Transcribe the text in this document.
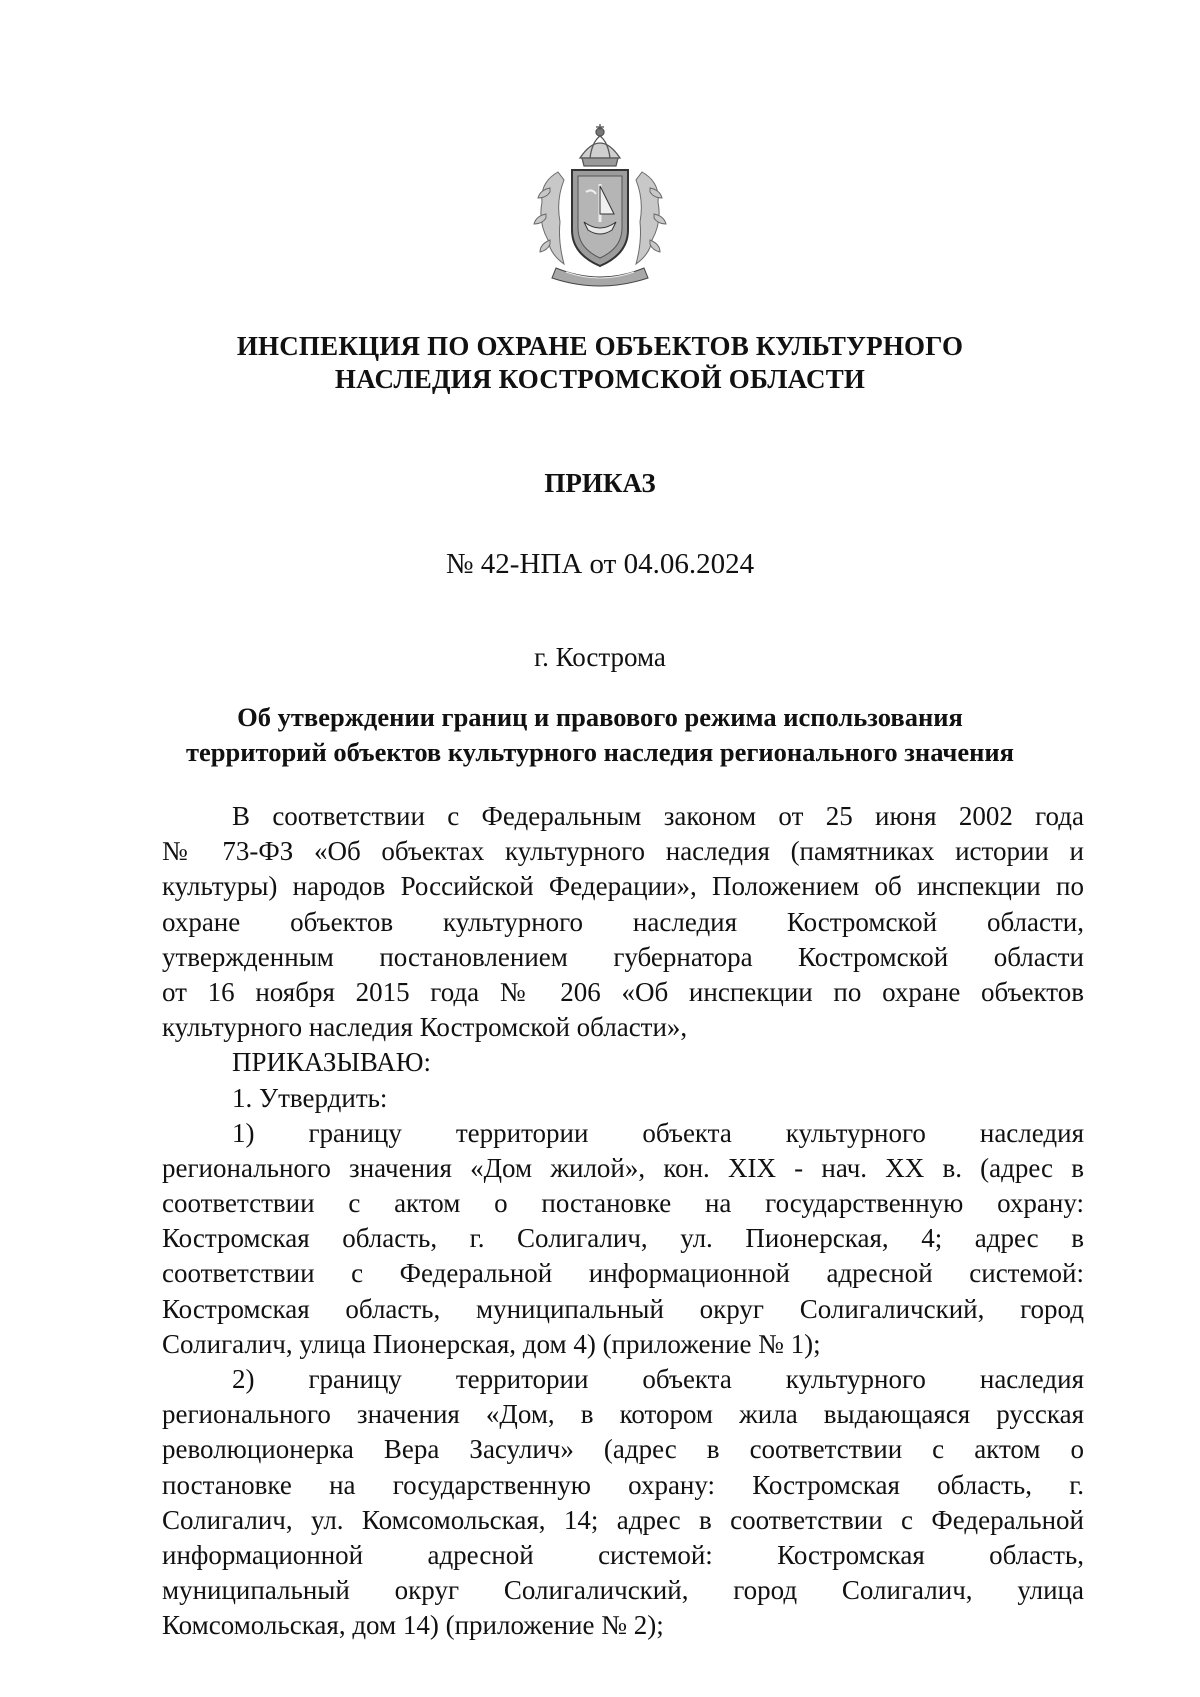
ИНСПЕКЦИЯ ПО ОХРАНЕ ОБЪЕКТОВ КУЛЬТУРНОГО
НАСЛЕДИЯ КОСТРОМСКОЙ ОБЛАСТИ
ПРИКАЗ
№ 42-НПА от 04.06.2024
г. Кострома
Об утверждении границ и правового режима использования
территорий объектов культурного наследия регионального значения
В соответствии с Федеральным законом от 25 июня 2002 года
№ 73-ФЗ «Об объектах культурного наследия (памятниках истории и
культуры) народов Российской Федерации», Положением об инспекции по
охране объектов культурного наследия Костромской области,
утвержденным постановлением губернатора Костромской области
от 16 ноября 2015 года № 206 «Об инспекции по охране объектов
культурного наследия Костромской области»,
ПРИКАЗЫВАЮ:
1. Утвердить:
1) границу территории объекта культурного наследия
регионального значения «Дом жилой», кон. XIX - нач. XX в. (адрес в
соответствии с актом о постановке на государственную охрану:
Костромская область, г. Солигалич, ул. Пионерская, 4; адрес в
соответствии с Федеральной информационной адресной системой:
Костромская область, муниципальный округ Солигаличский, город
Солигалич, улица Пионерская, дом 4) (приложение № 1);
2) границу территории объекта культурного наследия
регионального значения «Дом, в котором жила выдающаяся русская
революционерка Вера Засулич» (адрес в соответствии с актом о
постановке на государственную охрану: Костромская область, г.
Солигалич, ул. Комсомольская, 14; адрес в соответствии с Федеральной
информационной адресной системой: Костромская область,
муниципальный округ Солигаличский, город Солигалич, улица
Комсомольская, дом 14) (приложение № 2);
